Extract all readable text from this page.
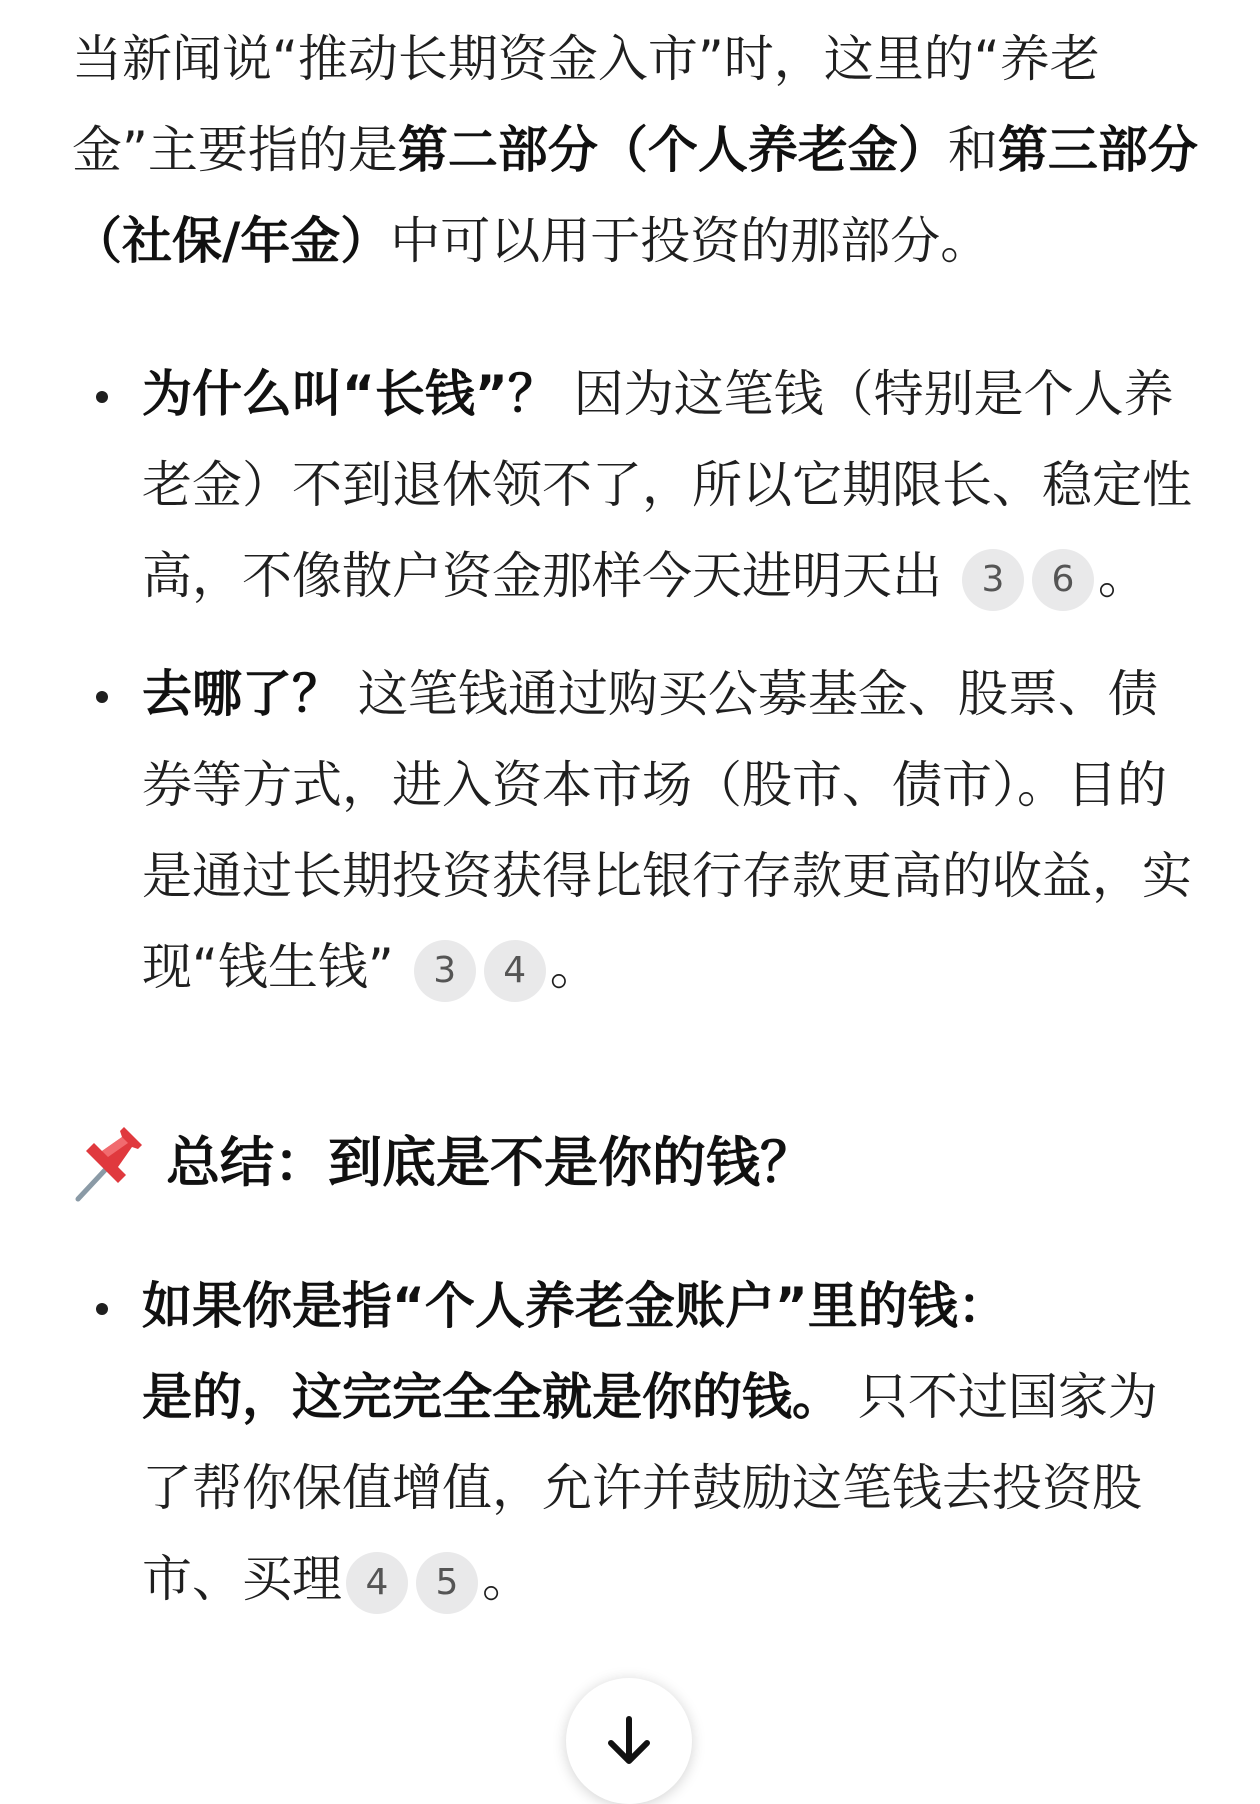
当新闻说“推动长期资金入市”时，这里的“养老金”主要指的是第二部分（个人养老金）和第三部分（社保/年金）中可以用于投资的那部分。

为什么叫“长钱”？ 因为这笔钱（特别是个人养老金）不到退休领不了，所以它期限长、稳定性高，不像散户资金那样今天进明天出 3 6 。
去哪了？ 这笔钱通过购买公募基金、股票、债券等方式，进入资本市场（股市、债市）。目的是通过长期投资获得比银行存款更高的收益，实现“钱生钱” 3 4 。
总结：到底是不是你的钱？
如果你是指“个人养老金账户”里的钱：
是的，这完完全全就是你的钱。 只不过国家为了帮你保值增值，允许并鼓励这笔钱去投资股市、买理 4 5 。
